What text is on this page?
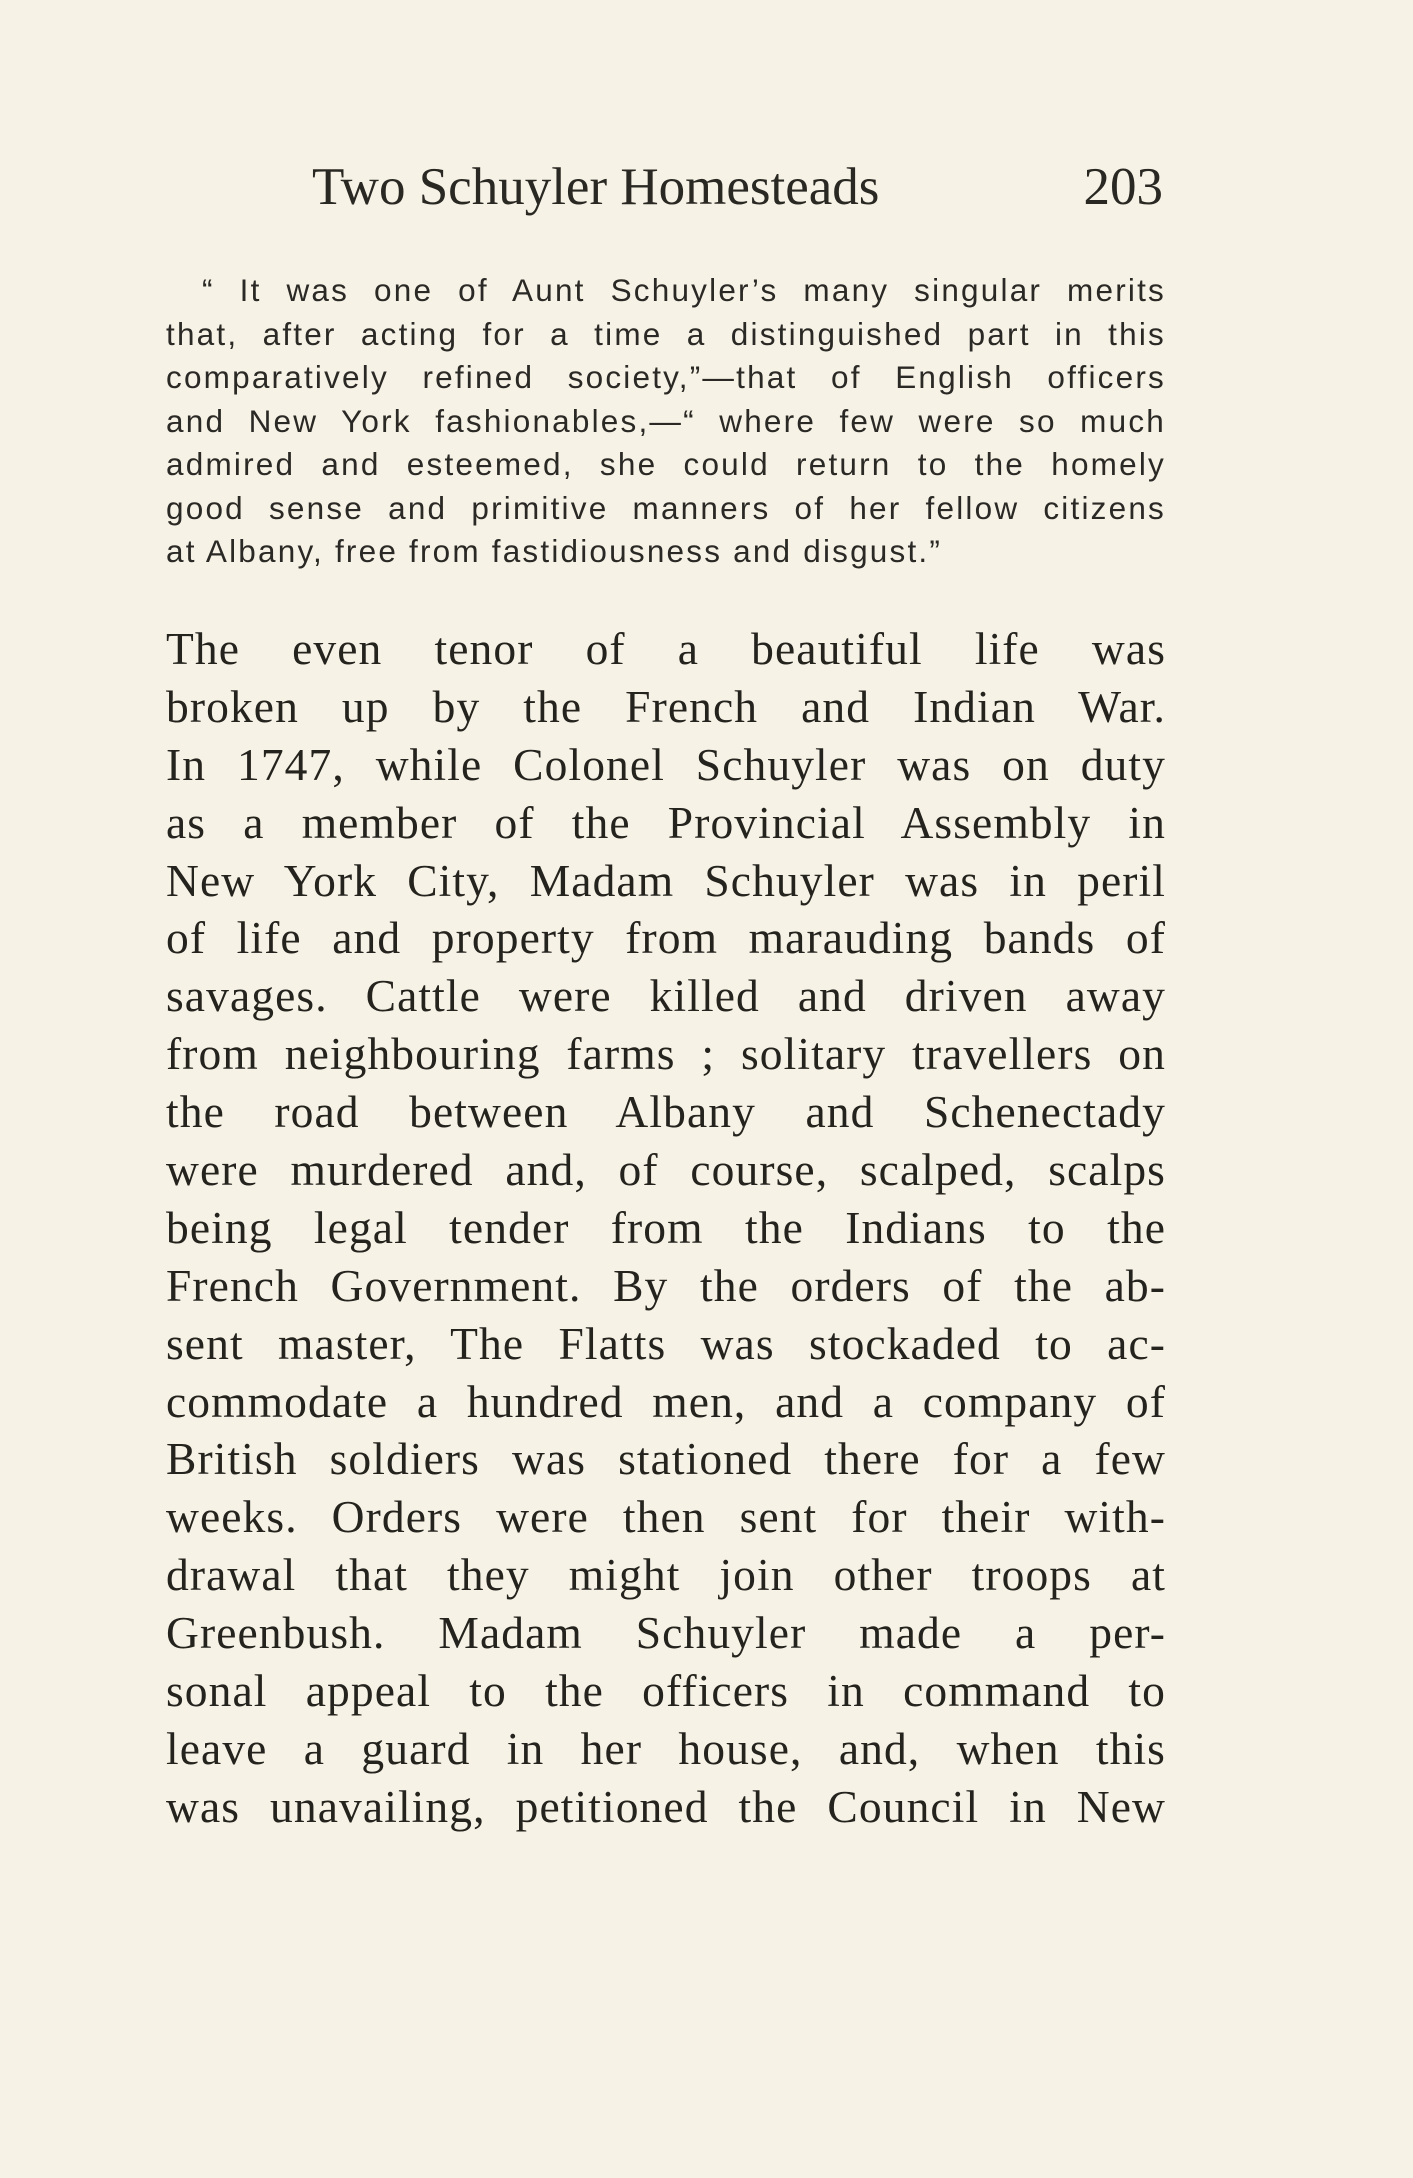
Two Schuyler Homesteads	203
“ It was one of Aunt Schuyler’s many singular merits
that, after acting for a time a distinguished part in this
comparatively refined society,”—that of English officers
and New York fashionables,—“ where few were so much
admired and esteemed, she could return to the homely
good sense and primitive manners of her fellow citizens
at Albany, free from fastidiousness and disgust.”
The even tenor of a beautiful life was
broken up by the French and Indian War.
In 1747, while Colonel Schuyler was on duty
as a member of the Provincial Assembly in
New York City, Madam Schuyler was in peril
of life and property from marauding bands of
savages. Cattle were killed and driven away
from neighbouring farms ; solitary travellers on
the road between Albany and Schenectady
were murdered and, of course, scalped, scalps
being legal tender from the Indians to the
French Government. By the orders of the ab-
sent master, The Flatts was stockaded to ac-
commodate a hundred men, and a company of
British soldiers was stationed there for a few
weeks. Orders were then sent for their with-
drawal that they might join other troops at
Greenbush. Madam Schuyler made a per-
sonal appeal to the officers in command to
leave a guard in her house, and, when this
was unavailing, petitioned the Council in New
